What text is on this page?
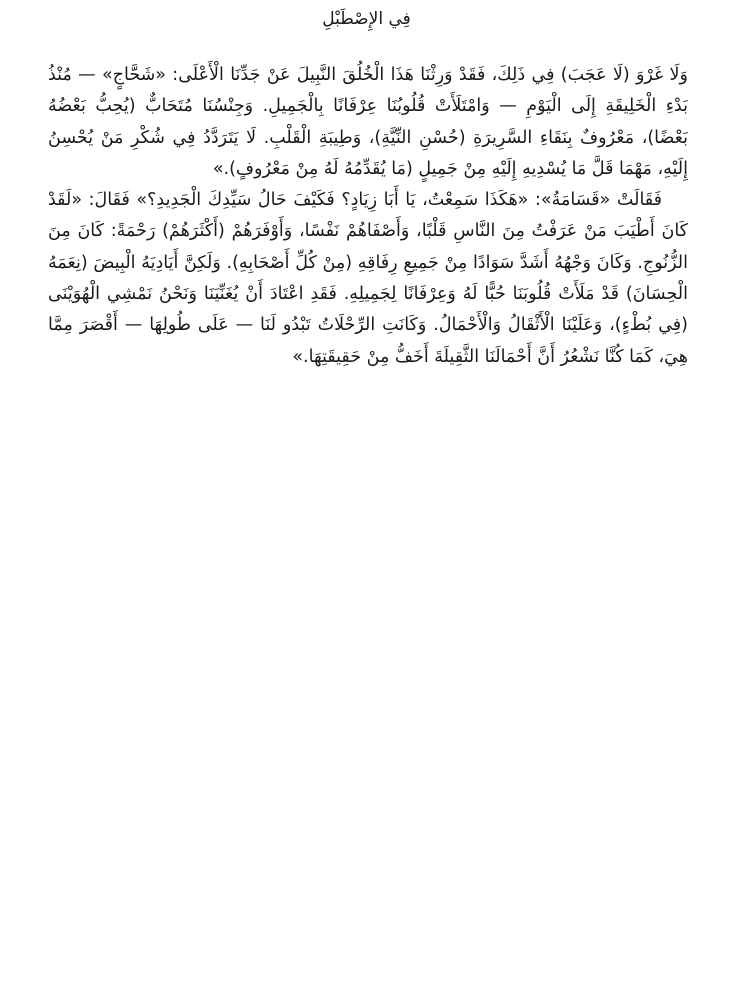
فِي الإِصْطَبْلِ

وَلَا غَرْوَ (لَا عَجَبَ) فِي ذَلِكَ، فَقَدْ وَرِثْنَا هَذَا الْخُلُقَ النَّبِيلَ عَنْ جَدِّنَا الْأَعْلَى: «شَحَّاجٍ» — مُنْذُ بَدْءِ الْخَلِيقَةِ إِلَى الْيَوْمِ — وَامْتَلَأَتْ قُلُوبُنَا عِرْفَانًا بِالْجَمِيلِ. وَجِنْسُنَا مُتَحَابٌّ (يُحِبُّ بَعْضُهُ بَعْضًا)، مَعْرُوفٌ بِنَقَاءِ السَّرِيرَةِ (حُسْنِ النِّيَّةِ)، وَطِيبَةِ الْقَلْبِ. لَا يَتَرَدَّدُ فِي شُكْرِ مَنْ يُحْسِنُ إِلَيْهِ، مَهْمَا قَلَّ مَا يُسْدِيهِ إِلَيْهِ مِنْ جَمِيلٍ (مَا يُقَدِّمُهُ لَهُ مِنْ مَعْرُوفٍ).»

فَقَالَتْ «قَسَامَةُ»: «هَكَذَا سَمِعْتُ، يَا أَبَا زِيَادٍ؟ فَكَيْفَ حَالُ سَيِّدِكَ الْجَدِيدِ؟» فَقَالَ: «لَقَدْ كَانَ أَطْيَبَ مَنْ عَرَفْتُ مِنَ النَّاسِ قَلْبًا، وَأَصْفَاهُمْ نَفْسًا، وَأَوْفَرَهُمْ (أَكْثَرَهُمْ) رَحْمَةً: كَانَ مِنَ الزُّنُوجِ. وَكَانَ وَجْهُهُ أَشَدَّ سَوَادًا مِنْ جَمِيعِ رِفَاقِهِ (مِنْ كُلِّ أَصْحَابِهِ). وَلَكِنَّ أَيَادِيَهُ الْبِيضَ (نِعَمَهُ الْحِسَانَ) قَدْ مَلَأَتْ قُلُوبَنَا حُبًّا لَهُ وَعِرْفَانًا لِجَمِيلِهِ. فَقَدِ اعْتَادَ أَنْ يُغَنِّيَنَا وَنَحْنُ نَمْشِي الْهُوَيْنَى (فِي بُطْءٍ)، وَعَلَيْنَا الْأَثْقَالُ وَالْأَحْمَالُ. وَكَانَتِ الرِّحْلَاتُ تَبْدُو لَنَا — عَلَى طُولِهَا — أَقْصَرَ مِمَّا هِيَ، كَمَا كُنَّا نَشْعُرُ أَنَّ أَحْمَالَنَا الثَّقِيلَةَ أَخَفُّ مِنْ حَقِيقَتِهَا.»
